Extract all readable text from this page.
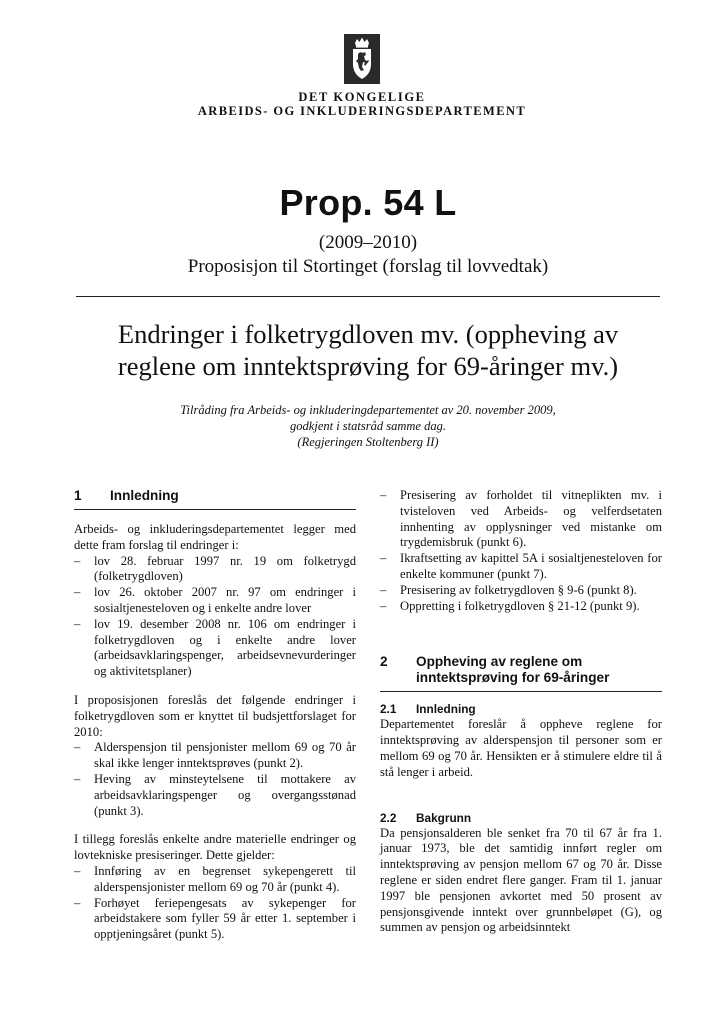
DET KONGELIGE
ARBEIDS- OG INKLUDERINGSDEPARTEMENT
Prop. 54 L
(2009–2010)
Proposisjon til Stortinget (forslag til lovvedtak)
Endringer i folketrygdloven mv. (oppheving av
reglene om inntektsprøving for 69-åringer mv.)
Tilråding fra Arbeids- og inkluderingdepartementet av 20. november 2009,
godkjent i statsråd samme dag.
(Regjeringen Stoltenberg II)
1	Innledning

Arbeids- og inkluderingsdepartementet legger med dette fram forslag til endringer i:

– lov 28. februar 1997 nr. 19 om folketrygd (folketrygdloven)
– lov 26. oktober 2007 nr. 97 om endringer i sosialtjenesteloven og i enkelte andre lover
– lov 19. desember 2008 nr. 106 om endringer i folketrygdloven og i enkelte andre lover (arbeidsavklaringspenger, arbeidsevnevurderinger og aktivitetsplaner)

I proposisjonen foreslås det følgende endringer i folketrygdloven som er knyttet til budsjettforslaget for 2010:

– Alderspensjon til pensjonister mellom 69 og 70 år skal ikke lenger inntektsprøves (punkt 2).
– Heving av minsteytelsene til mottakere av arbeidsavklaringspenger og overgangsstønad (punkt 3).

I tillegg foreslås enkelte andre materielle endringer og lovtekniske presiseringer. Dette gjelder:

– Innføring av en begrenset sykepengerett til alderspensjonister mellom 69 og 70 år (punkt 4).
– Forhøyet feriepengesats av sykepenger for arbeidstakere som fyller 59 år etter 1. september i opptjeningsåret (punkt 5).
– Presisering av forholdet til vitneplikten mv. i tvisteloven ved Arbeids- og velferdsetaten innhenting av opplysninger ved mistanke om trygdemisbruk (punkt 6).
– Ikraftsetting av kapittel 5A i sosialtjenesteloven for enkelte kommuner (punkt 7).
– Presisering av folketrygdloven § 9-6 (punkt 8).
– Oppretting i folketrygdloven § 21-12 (punkt 9).
2	Oppheving av reglene om inntektsprøving for 69-åringer
2.1	Innledning

Departementet foreslår å oppheve reglene for inntektsprøving av alderspensjon til personer som er mellom 69 og 70 år. Hensikten er å stimulere eldre til å stå lenger i arbeid.

2.2	Bakgrunn

Da pensjonsalderen ble senket fra 70 til 67 år fra 1. januar 1973, ble det samtidig innført regler om inntektsprøving av pensjon mellom 67 og 70 år. Disse reglene er siden endret flere ganger. Fram til 1. januar 1997 ble pensjonen avkortet med 50 prosent av pensjonsgivende inntekt over grunnbeløpet (G), og summen av pensjon og arbeidsinntekt
